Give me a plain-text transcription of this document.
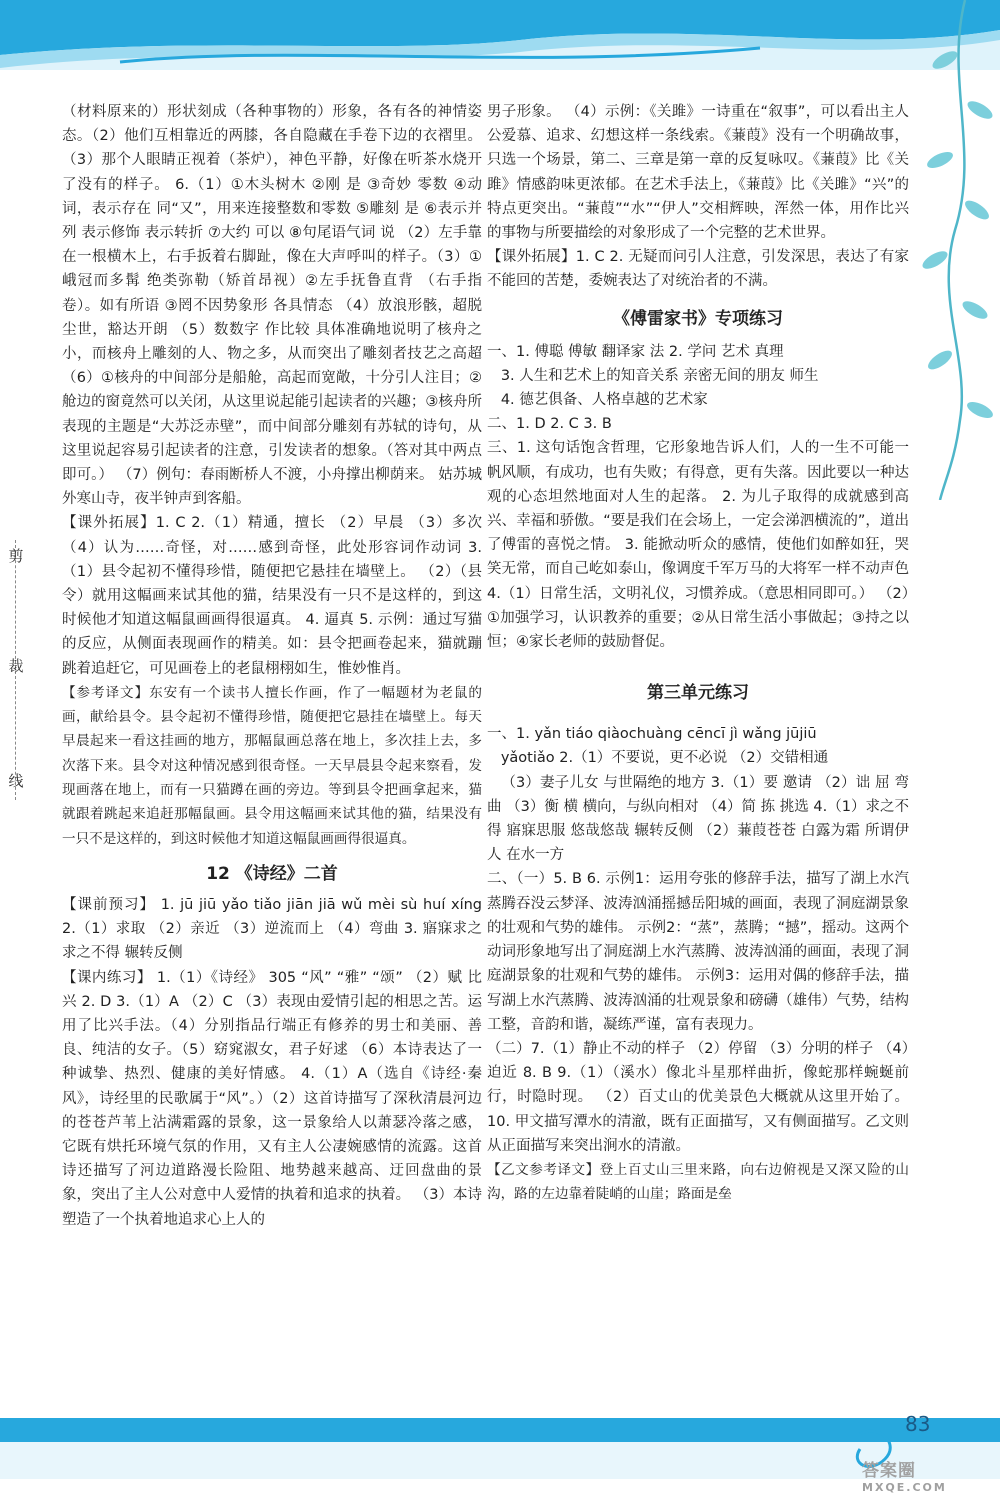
剪
裁
线

（材料原来的）形状刻成（各种事物的）形象，各有各的神情姿态。（2）他们互相靠近的两膝，各自隐藏在手卷下边的衣褶里。（3）那个人眼睛正视着（茶炉），神色平静，好像在听茶水烧开了没有的样子。 6.（1）①木头树木 ②刚 是 ③奇妙 零数 ④动词，表示存在 同“又”，用来连接整数和零数 ⑤雕刻 是 ⑥表示并列 表示修饰 表示转折 ⑦大约 可以 ⑧句尾语气词 说 （2）左手靠在一根横木上，右手扳着右脚趾，像在大声呼叫的样子。（3）①峨冠而多髯 绝类弥勒（矫首昂视）②左手抚鲁直背 （右手指卷）。如有所语 ③罔不因势象形 各具情态 （4）放浪形骸，超脱尘世，豁达开朗 （5）数数字 作比较 具体准确地说明了核舟之小，而核舟上雕刻的人、物之多，从而突出了雕刻者技艺之高超 （6）①核舟的中间部分是船舱，高起而宽敞，十分引人注目；②舱边的窗竟然可以关闭，从这里说起能引起读者的兴趣；③核舟所表现的主题是“大苏泛赤壁”，而中间部分雕刻有苏轼的诗句，从这里说起容易引起读者的注意，引发读者的想象。（答对其中两点即可。） （7）例句：春雨断桥人不渡，小舟撑出柳荫来。 姑苏城外寒山寺，夜半钟声到客船。

【课外拓展】1. C 2.（1）精通，擅长 （2）早晨 （3）多次 （4）认为……奇怪，对……感到奇怪，此处形容词作动词 3.（1）县令起初不懂得珍惜，随便把它悬挂在墙壁上。 （2）（县令）就用这幅画来试其他的猫，结果没有一只不是这样的，到这时候他才知道这幅鼠画画得很逼真。 4. 逼真 5. 示例：通过写猫的反应，从侧面表现画作的精美。如：县令把画卷起来，猫就蹦跳着追赶它，可见画卷上的老鼠栩栩如生，惟妙惟肖。

【参考译文】东安有一个读书人擅长作画，作了一幅题材为老鼠的画，献给县令。县令起初不懂得珍惜，随便把它悬挂在墙壁上。每天早晨起来一看这挂画的地方，那幅鼠画总落在地上，多次挂上去，多次落下来。县令对这种情况感到很奇怪。一天早晨县令起来察看，发现画落在地上，而有一只猫蹲在画的旁边。等到县令把画拿起来，猫就跟着跳起来追赶那幅鼠画。县令用这幅画来试其他的猫，结果没有一只不是这样的，到这时候他才知道这幅鼠画画得很逼真。

12 《诗经》二首

【课前预习】 1. jū jiū yǎo tiǎo jiān jiā wǔ mèi sù huí xíng 2.（1）求取 （2）亲近 （3）逆流而上 （4）弯曲 3. 寤寐求之 求之不得 辗转反侧

【课内练习】 1.（1）《诗经》 305 “风” “雅” “颂” （2）赋 比 兴 2. D 3.（1）A （2）C （3）表现由爱情引起的相思之苦。运用了比兴手法。（4）分别指品行端正有修养的男士和美丽、善良、纯洁的女子。（5）窈窕淑女，君子好逑 （6）本诗表达了一种诚挚、热烈、健康的美好情感。 4.（1）A（选自《诗经·秦风》，诗经里的民歌属于“风”。）（2）这首诗描写了深秋清晨河边的苍苍芦苇上沾满霜露的景象，这一景象给人以萧瑟冷落之感，它既有烘托环境气氛的作用，又有主人公凄婉感情的流露。这首诗还描写了河边道路漫长险阻、地势越来越高、迂回盘曲的景象，突出了主人公对意中人爱情的执着和追求的执着。 （3）本诗塑造了一个执着地追求心上人的

男子形象。 （4）示例：《关雎》一诗重在“叙事”，可以看出主人公爱慕、追求、幻想这样一条线索。《蒹葭》没有一个明确故事，只选一个场景，第二、三章是第一章的反复咏叹。《蒹葭》比《关雎》情感韵味更浓郁。在艺术手法上，《蒹葭》比《关雎》“兴”的特点更突出。“蒹葭”“水”“伊人”交相辉映，浑然一体，用作比兴的事物与所要描绘的对象形成了一个完整的艺术世界。

【课外拓展】1. C 2. 无疑而问引人注意，引发深思，表达了有家不能回的苦楚，委婉表达了对统治者的不满。

《傅雷家书》专项练习

一、1. 傅聪 傅敏 翻译家 法 2. 学问 艺术 真理
3. 人生和艺术上的知音关系 亲密无间的朋友 师生
4. 德艺俱备、人格卓越的艺术家
二、1. D 2. C 3. B
三、1. 这句话饱含哲理，它形象地告诉人们，人的一生不可能一帆风顺，有成功，也有失败；有得意，更有失落。因此要以一种达观的心态坦然地面对人生的起落。 2. 为儿子取得的成就感到高兴、幸福和骄傲。“要是我们在会场上，一定会涕泗横流的”，道出了傅雷的喜悦之情。 3. 能掀动听众的感情，使他们如醉如狂，哭笑无常，而自己屹如泰山，像调度千军万马的大将军一样不动声色 4.（1）日常生活，文明礼仪，习惯养成。（意思相同即可。） （2）①加强学习，认识教养的重要；②从日常生活小事做起；③持之以恒；④家长老师的鼓励督促。

第三单元练习

一、1. yǎn tiáo qiàochuàng cēncī jì wǎng jūjiū
yǎotiǎo 2.（1）不要说，更不必说 （2）交错相通
（3）妻子儿女 与世隔绝的地方 3.（1）要 邀请 （2）诎 屈 弯曲 （3）衡 横 横向，与纵向相对 （4）简 拣 挑选 4.（1）求之不得 寤寐思服 悠哉悠哉 辗转反侧 （2）蒹葭苍苍 白露为霜 所谓伊人 在水一方
二、（一）5. B 6. 示例1：运用夸张的修辞手法，描写了湖上水汽蒸腾吞没云梦泽、波涛汹涌摇撼岳阳城的画面，表现了洞庭湖景象的壮观和气势的雄伟。 示例2：“蒸”，蒸腾；“撼”，摇动。这两个动词形象地写出了洞庭湖上水汽蒸腾、波涛汹涌的画面，表现了洞庭湖景象的壮观和气势的雄伟。 示例3：运用对偶的修辞手法，描写湖上水汽蒸腾、波涛汹涌的壮观景象和磅礴（雄伟）气势，结构工整，音韵和谐，凝练严谨，富有表现力。
（二）7.（1）静止不动的样子 （2）停留 （3）分明的样子 （4）迫近 8. B 9.（1）（溪水）像北斗星那样曲折，像蛇那样蜿蜒前行，时隐时现。 （2）百丈山的优美景色大概就从这里开始了。 10. 甲文描写潭水的清澈，既有正面描写，又有侧面描写。乙文则从正面描写来突出涧水的清澈。

【乙文参考译文】登上百丈山三里来路，向右边俯视是又深又险的山沟，路的左边靠着陡峭的山崖；路面是垒

83
答案圈
MXQE.COM
